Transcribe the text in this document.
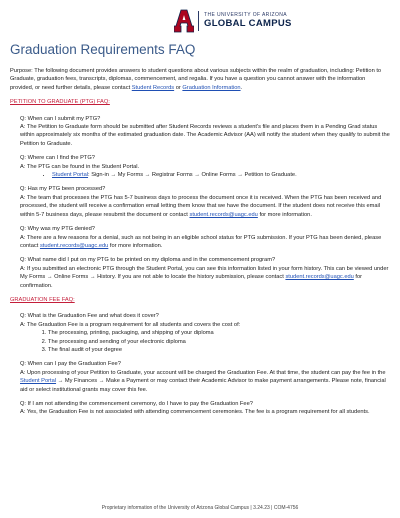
THE UNIVERSITY OF ARIZONA
GLOBAL CAMPUS
Graduation Requirements FAQ

Purpose: The following document provides answers to student questions about various subjects within the realm of graduation, including: Petition to Graduate, graduation fees, transcripts, diplomas, commencement, and regalia. If you have a question you cannot answer with the information provided, or need further details, please contact Student Records or Graduation Information.

PETITION TO GRADUATE (PTG) FAQ:

Q: When can I submit my PTG?

A: The Petition to Graduate form should be submitted after Student Records reviews a student's file and places them in a Pending Grad status within approximately six months of the estimated graduation date. The Academic Advisor (AA) will notify the student when they qualify to submit the Petition to Graduate.

Q: Where can I find the PTG?

A: The PTG can be found in the Student Portal.

• Student Portal: Sign-in → My Forms → Registrar Forms → Online Forms → Petition to Graduate.

Q: Has my PTG been processed?

A: The team that processes the PTG has 5-7 business days to process the document once it is received. When the PTG has been received and processed, the student will receive a confirmation email letting them know that we have the document. If the student does not receive this email within 5-7 business days, please resubmit the document or contact student.records@uagc.edu for more information.

Q: Why was my PTG denied?

A: There are a few reasons for a denial, such as not being in an eligible school status for PTG submission. If your PTG has been denied, please contact student.records@uagc.edu for more information.

Q: What name did I put on my PTG to be printed on my diploma and in the commencement program?

A: If you submitted an electronic PTG through the Student Portal, you can see this information listed in your form history. This can be viewed under My Forms → Online Forms → History. If you are not able to locate the history submission, please contact student.records@uagc.edu for confirmation.

GRADUATION FEE FAQ:

Q: What is the Graduation Fee and what does it cover?

A: The Graduation Fee is a program requirement for all students and covers the cost of:

1. The processing, printing, packaging, and shipping of your diploma
2. The processing and sending of your electronic diploma
3. The final audit of your degree

Q: When can I pay the Graduation Fee?

A: Upon processing of your Petition to Graduate, your account will be charged the Graduation Fee. At that time, the student can pay the fee in the Student Portal → My Finances → Make a Payment or may contact their Academic Advisor to make payment arrangements. Please note, financial aid or select institutional grants may cover this fee.

Q: If I am not attending the commencement ceremony, do I have to pay the Graduation Fee?

A: Yes, the Graduation Fee is not associated with attending commencement ceremonies. The fee is a program requirement for all students.

Proprietary information of the University of Arizona Global Campus | 3.24.23 | COM-4756
